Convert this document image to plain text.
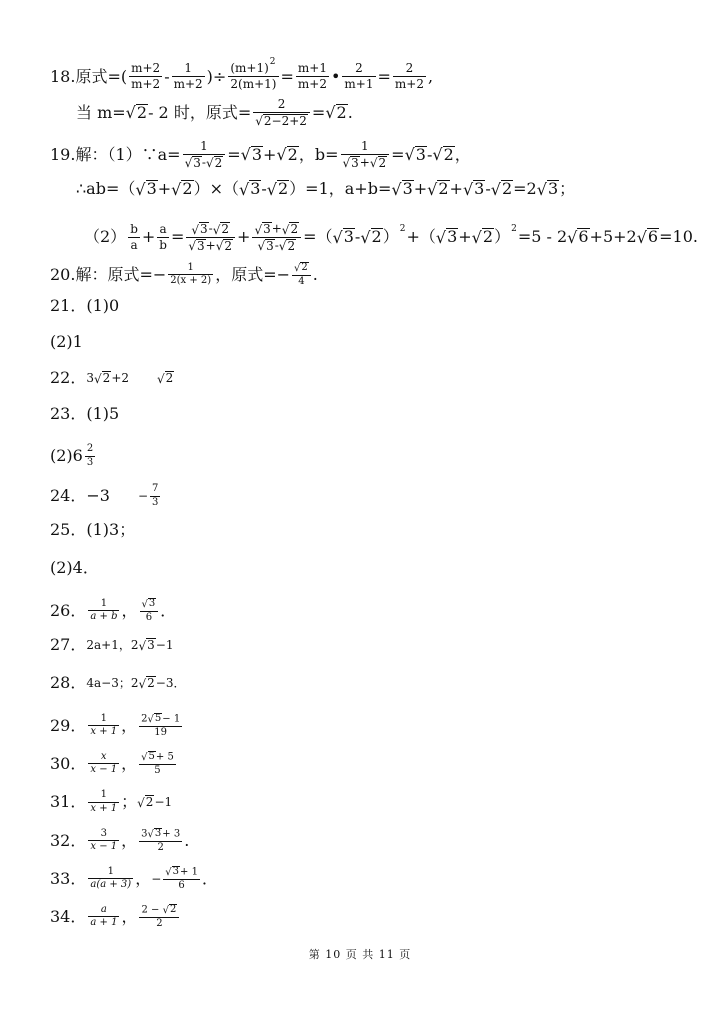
18. 原式=( $\frac{m+2}{m+2} - \frac{1}{m+2}$ )÷ $\frac{(m+1)^2}{2(m+1)} = \frac{m+1}{m+2}$ • $\frac{2}{m+1} = \frac{2}{m+2}$ ,
当 m= √ 2 - 2 时，原式= $\frac{2}{√ 2-2+2}$ = √ 2 .
19. 解：（1）∵a= $\frac{1}{√ 3 - √ 2}$ = √ 3 + √ 2 ，$b= \frac{1}{√ 3 + √ 2}$ = √ 3 - √ 2 ，
∴ab=（ √ 3 + √ 2 ）×（ √ 3 - √ 2 ）=1，a+b= √ 3 + √ 2 + √ 3 - √ 2 =2 √ 3 ；
$(2) \frac{b}{a} + \frac{a}{b} = \frac{√ 3 - √ 2}{√ 3 + √ 2} + \frac{√ 3 + √ 2}{√ 3 - √ 2}$ =（ √ 3 - √ 2 ） 2 +（ √ 3 + √ 2 ） 2 =5 - 2 √ 6 +5+2 √ 6 =10.
20. 解：原式=− $\frac{1}{2(x + 2)}$ ，原式=− $\frac{√ 2}{4}$ .
21． (1)0
(2)1
22． 3 √ 2 +2 √ 2
23． (1)5
$(2)6 \frac{2}{3}$
24． $-3 - \frac{7}{3}$
25． (1)3；
(2)4．
26． $\frac{1}{a + b}$ ， $\frac{√ 3}{6}$ ．
27． 2a+1， 2 √ 3 −1
28． 4a−3； 2 √ 2 −3．
29． $\frac{1}{x + 1}$ ， $\frac{2 √ 5 - 1}{19}$
30． $\frac{x}{x - 1}$ ， $\frac{√ 5 + 5}{5}$
31． $\frac{1}{x + 1}$ ； √ 2 −1
32． $\frac{3}{x - 1}$ ， $\frac{3 √ 3 + 3}{2}$ .
33． $\frac{1}{a(a + 3)}$ ， − $\frac{√ 3 + 1}{6}$ ．
34． $\frac{a}{a + 1}$ ， $\frac{2 - √ 2}{2}$
第 10 页 共 11 页
